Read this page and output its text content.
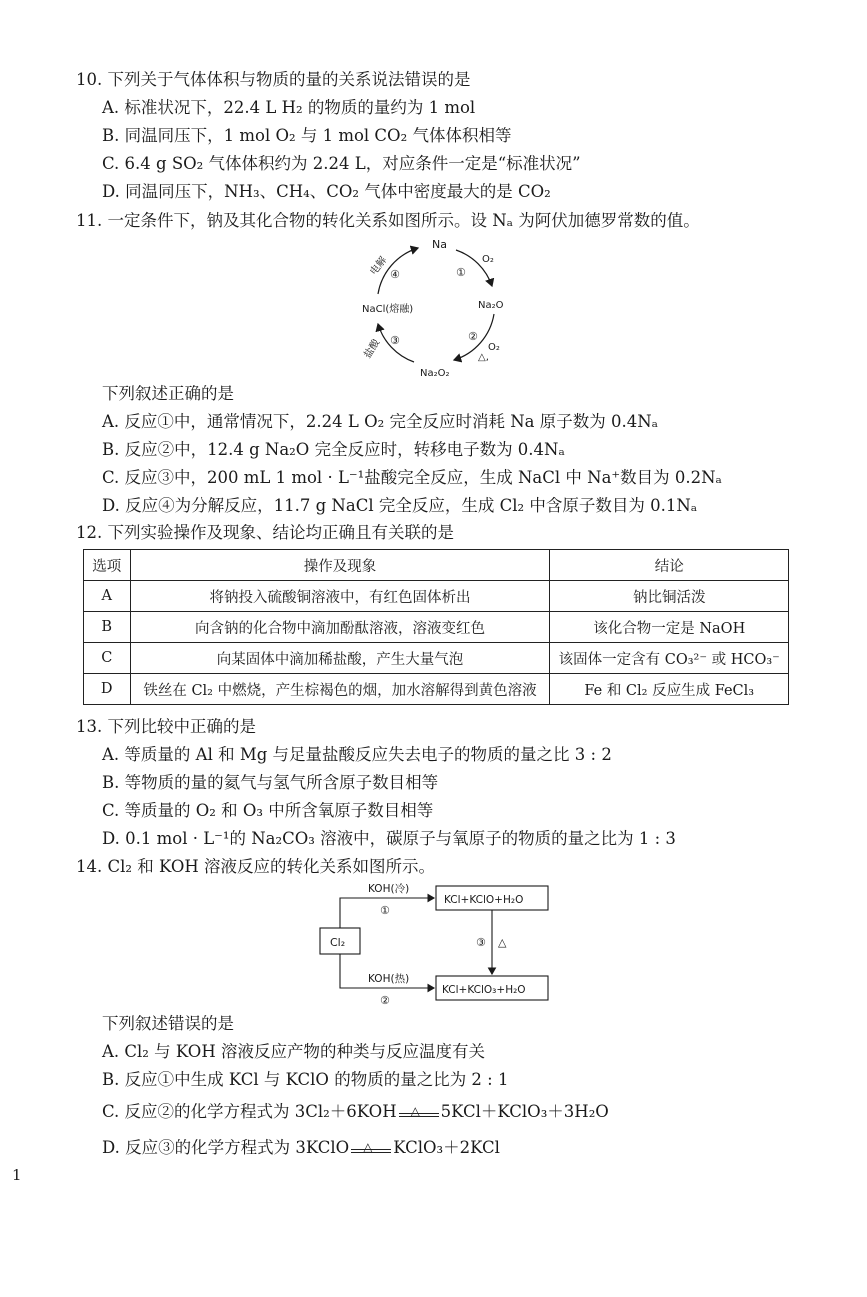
10. 下列关于气体体积与物质的量的关系说法错误的是
A. 标准状况下，22.4 L H₂ 的物质的量约为 1 mol
B. 同温同压下，1 mol O₂ 与 1 mol CO₂ 气体体积相等
C. 6.4 g SO₂ 气体体积约为 2.24 L，对应条件一定是“标准状况”
D. 同温同压下，NH₃、CH₄、CO₂ 气体中密度最大的是 CO₂
11. 一定条件下，钠及其化合物的转化关系如图所示。设 Nₐ 为阿伏加德罗常数的值。
Na
Na₂O
Na₂O₂
NaCl(熔融)
①
O₂
②
O₂
△,
③
盐酸
④
电解
下列叙述正确的是
A. 反应①中，通常情况下，2.24 L O₂ 完全反应时消耗 Na 原子数为 0.4Nₐ
B. 反应②中，12.4 g Na₂O 完全反应时，转移电子数为 0.4Nₐ
C. 反应③中，200 mL 1 mol · L⁻¹盐酸完全反应，生成 NaCl 中 Na⁺数目为 0.2Nₐ
D. 反应④为分解反应，11.7 g NaCl 完全反应，生成 Cl₂ 中含原子数目为 0.1Nₐ
12. 下列实验操作及现象、结论均正确且有关联的是
选项	操作及现象	结论
A	将钠投入硫酸铜溶液中，有红色固体析出	钠比铜活泼
B	向含钠的化合物中滴加酚酞溶液，溶液变红色	该化合物一定是 NaOH
C	向某固体中滴加稀盐酸，产生大量气泡	该固体一定含有 CO₃²⁻ 或 HCO₃⁻
D	铁丝在 Cl₂ 中燃烧，产生棕褐色的烟，加水溶解得到黄色溶液	Fe 和 Cl₂ 反应生成 FeCl₃
13. 下列比较中正确的是
A. 等质量的 Al 和 Mg 与足量盐酸反应失去电子的物质的量之比 3 : 2
B. 等物质的量的氦气与氢气所含原子数目相等
C. 等质量的 O₂ 和 O₃ 中所含氧原子数目相等
D. 0.1 mol · L⁻¹的 Na₂CO₃ 溶液中，碳原子与氧原子的物质的量之比为 1 : 3
14. Cl₂ 和 KOH 溶液反应的转化关系如图所示。
Cl₂
KCl+KClO+H₂O
KCl+KClO₃+H₂O
KOH(冷)
①
KOH(热)
②
③ △
下列叙述错误的是
A. Cl₂ 与 KOH 溶液反应产物的种类与反应温度有关
B. 反应①中生成 KCl 与 KClO 的物质的量之比为 2 : 1
C. 反应②的化学方程式为 3Cl₂＋6KOH △ 5KCl＋KClO₃＋3H₂O
D. 反应③的化学方程式为 3KClO △ KClO₃＋2KCl
1
